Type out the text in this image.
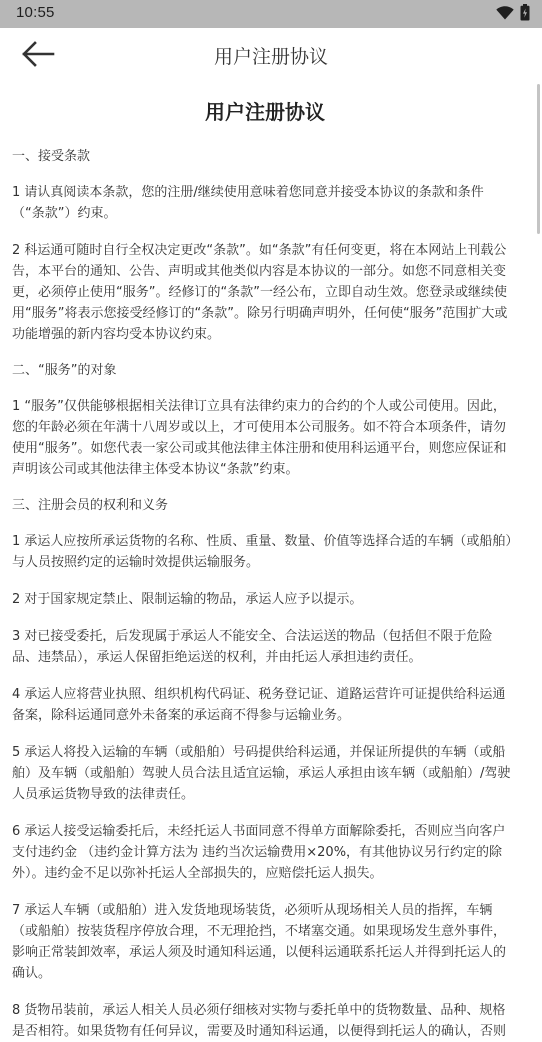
10:55
用户注册协议
用户注册协议
一、接受条款
1 请认真阅读本条款，您的注册/继续使用意味着您同意并接受本协议的条款和条件（“条款”）约束。
2 科运通可随时自行全权决定更改“条款”。如“条款”有任何变更，将在本网站上刊载公告，本平台的通知、公告、声明或其他类似内容是本协议的一部分。如您不同意相关变更，必须停止使用“服务”。经修订的“条款”一经公布，立即自动生效。您登录或继续使用“服务”将表示您接受经修订的“条款”。除另行明确声明外，任何使“服务”范围扩大或功能增强的新内容均受本协议约束。
二、“服务”的对象
1 “服务”仅供能够根据相关法律订立具有法律约束力的合约的个人或公司使用。因此，您的年龄必须在年满十八周岁或以上，才可使用本公司服务。如不符合本项条件，请勿使用“服务”。如您代表一家公司或其他法律主体注册和使用科运通平台，则您应保证和声明该公司或其他法律主体受本协议“条款”约束。
三、注册会员的权利和义务
1 承运人应按所承运货物的名称、性质、重量、数量、价值等选择合适的车辆（或船舶）与人员按照约定的运输时效提供运输服务。
2 对于国家规定禁止、限制运输的物品，承运人应予以提示。
3 对已接受委托，后发现属于承运人不能安全、合法运送的物品（包括但不限于危险品、违禁品），承运人保留拒绝运送的权利，并由托运人承担违约责任。
4 承运人应将营业执照、组织机构代码证、税务登记证、道路运营许可证提供给科运通备案，除科运通同意外未备案的承运商不得参与运输业务。
5 承运人将投入运输的车辆（或船舶）号码提供给科运通，并保证所提供的车辆（或船舶）及车辆（或船舶）驾驶人员合法且适宜运输，承运人承担由该车辆（或船舶）/驾驶人员承运货物导致的法律责任。
6 承运人接受运输委托后，未经托运人书面同意不得单方面解除委托，否则应当向客户支付违约金 （违约金计算方法为 违约当次运输费用×20%，有其他协议另行约定的除外）。违约金不足以弥补托运人全部损失的，应赔偿托运人损失。
7 承运人车辆（或船舶）进入发货地现场装货，必须听从现场相关人员的指挥，车辆（或船舶）按装货程序停放合理，不无理抢挡，不堵塞交通。如果现场发生意外事件，影响正常装卸效率，承运人须及时通知科运通，以便科运通联系托运人并得到托运人的确认。
8 货物吊装前，承运人相关人员必须仔细核对实物与委托单中的货物数量、品种、规格是否相符。如果货物有任何异议，需要及时通知科运通，以便得到托运人的确认，否则
